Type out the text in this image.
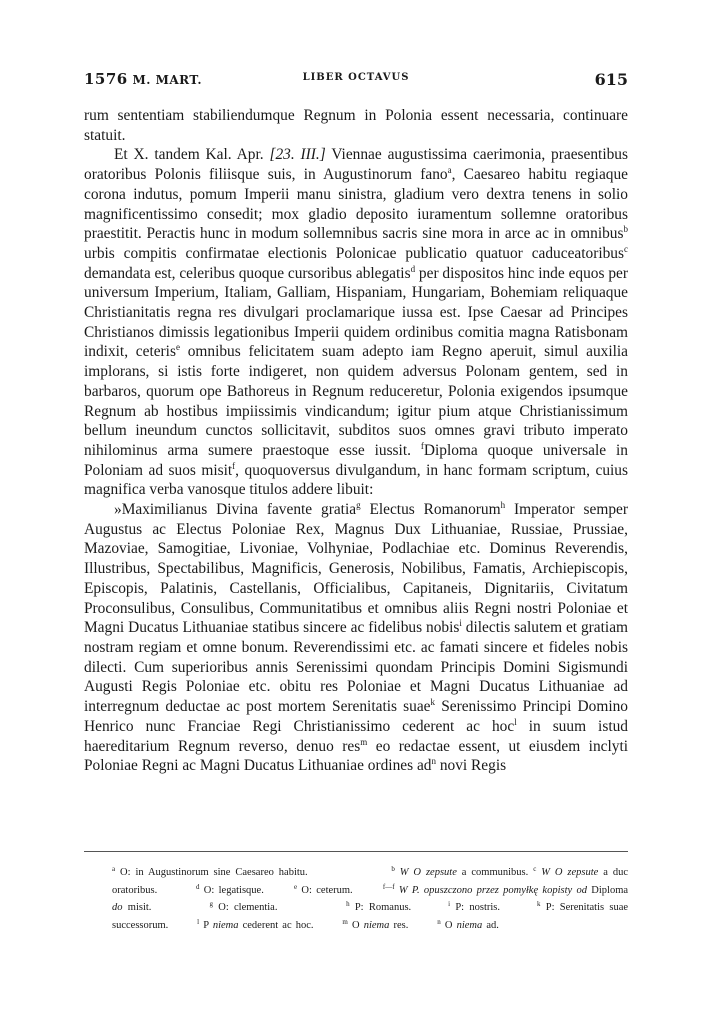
1576 M. MART.	LIBER OCTAVUS	615

rum sententiam stabiliendumque Regnum in Polonia essent necessaria, continuare statuit.

Et X. tandem Kal. Apr. [23. III.] Viennae augustissima caerimonia, praesentibus oratoribus Polonis filiisque suis, in Augustinorum fano$^a$, Caesareo habitu regiaque corona indutus, pomum Imperii manu sinistra, gladium vero dextra tenens in solio magnificentissimo consedit; mox gladio deposito iuramentum sollemne oratoribus praestitit. Peractis hunc in modum sollemnibus sacris sine mora in arce ac in omnibus$^b$ urbis compitis confirmatae electionis Polonicae publicatio quatuor caduceatoribus$^c$ demandata est, celeribus quoque cursoribus ablegatis$^d$ per dispositos hinc inde equos per universum Imperium, Italiam, Galliam, Hispaniam, Hungariam, Bohemiam reliquaque Christianitatis regna res divulgari proclamarique iussa est. Ipse Caesar ad Principes Christianos dimissis legationibus Imperii quidem ordinibus comitia magna Ratisbonam indixit, ceteris$^e$ omnibus felicitatem suam adepto iam Regno aperuit, simul auxilia implorans, si istis forte indigeret, non quidem adversus Polonam gentem, sed in barbaros, quorum ope Bathoreus in Regnum reduceretur, Polonia exigendos ipsumque Regnum ab hostibus impiissimis vindicandum; igitur pium atque Christianissimum bellum ineundum cunctos sollicitavit, subditos suos omnes gravi tributo imperato nihilominus arma sumere praestoque esse iussit. $^f$Diploma quoque universale in Poloniam ad suos misit$^f$, quoquoversus divulgandum, in hanc formam scriptum, cuius magnifica verba vanosque titulos addere libuit:

»Maximilianus Divina favente gratia$^g$ Electus Romanorum$^h$ Imperator semper Augustus ac Electus Poloniae Rex, Magnus Dux Lithuaniae, Russiae, Prussiae, Mazoviae, Samogitiae, Livoniae, Volhyniae, Podlachiae etc. Dominus Reverendis, Illustribus, Spectabilibus, Magnificis, Generosis, Nobilibus, Famatis, Archiepiscopis, Episcopis, Palatinis, Castellanis, Officialibus, Capitaneis, Dignitariis, Civitatum Proconsulibus, Consulibus, Communitatibus et omnibus aliis Regni nostri Poloniae et Magni Ducatus Lithuaniae statibus sincere ac fidelibus nobis$^i$ dilectis salutem et gratiam nostram regiam et omne bonum. Reverendissimi etc. ac famati sincere et fideles nobis dilecti. Cum superioribus annis Serenissimi quondam Principis Domini Sigismundi Augusti Regis Poloniae etc. obitu res Poloniae et Magni Ducatus Lithuaniae ad interregnum deductae ac post mortem Serenitatis suae$^k$ Serenissimo Principi Domino Henrico nunc Franciae Regi Christianissimo cederent ac hoc$^l$ in suum istud haereditarium Regnum reverso, denuo res$^m$ eo redactae essent, ut eiusdem inclyti Poloniae Regni ac Magni Ducatus Lithuaniae ordines $ad^n$ novi Regis

$^a$ O: in Augustinorum sine Caesareo habitu.	$^b$ W O zepsute a communibus. $^c$ W O zepsute a duc oratoribus.	$^d$ O: legatisque.	$^e$ O: ceterum.	$^{f—f}$ W P. opuszczono przez pomyłkę kopisty od Diploma do misit.	$^g$ O: clementia.	$^h$ P: Romanus.	$^i$ P: nostris.	$^k$ P: Serenitatis suae successorum.	$^l$ P niema cederent ac hoc.	$^m$ O niema res.	$^n$ O niema ad.
